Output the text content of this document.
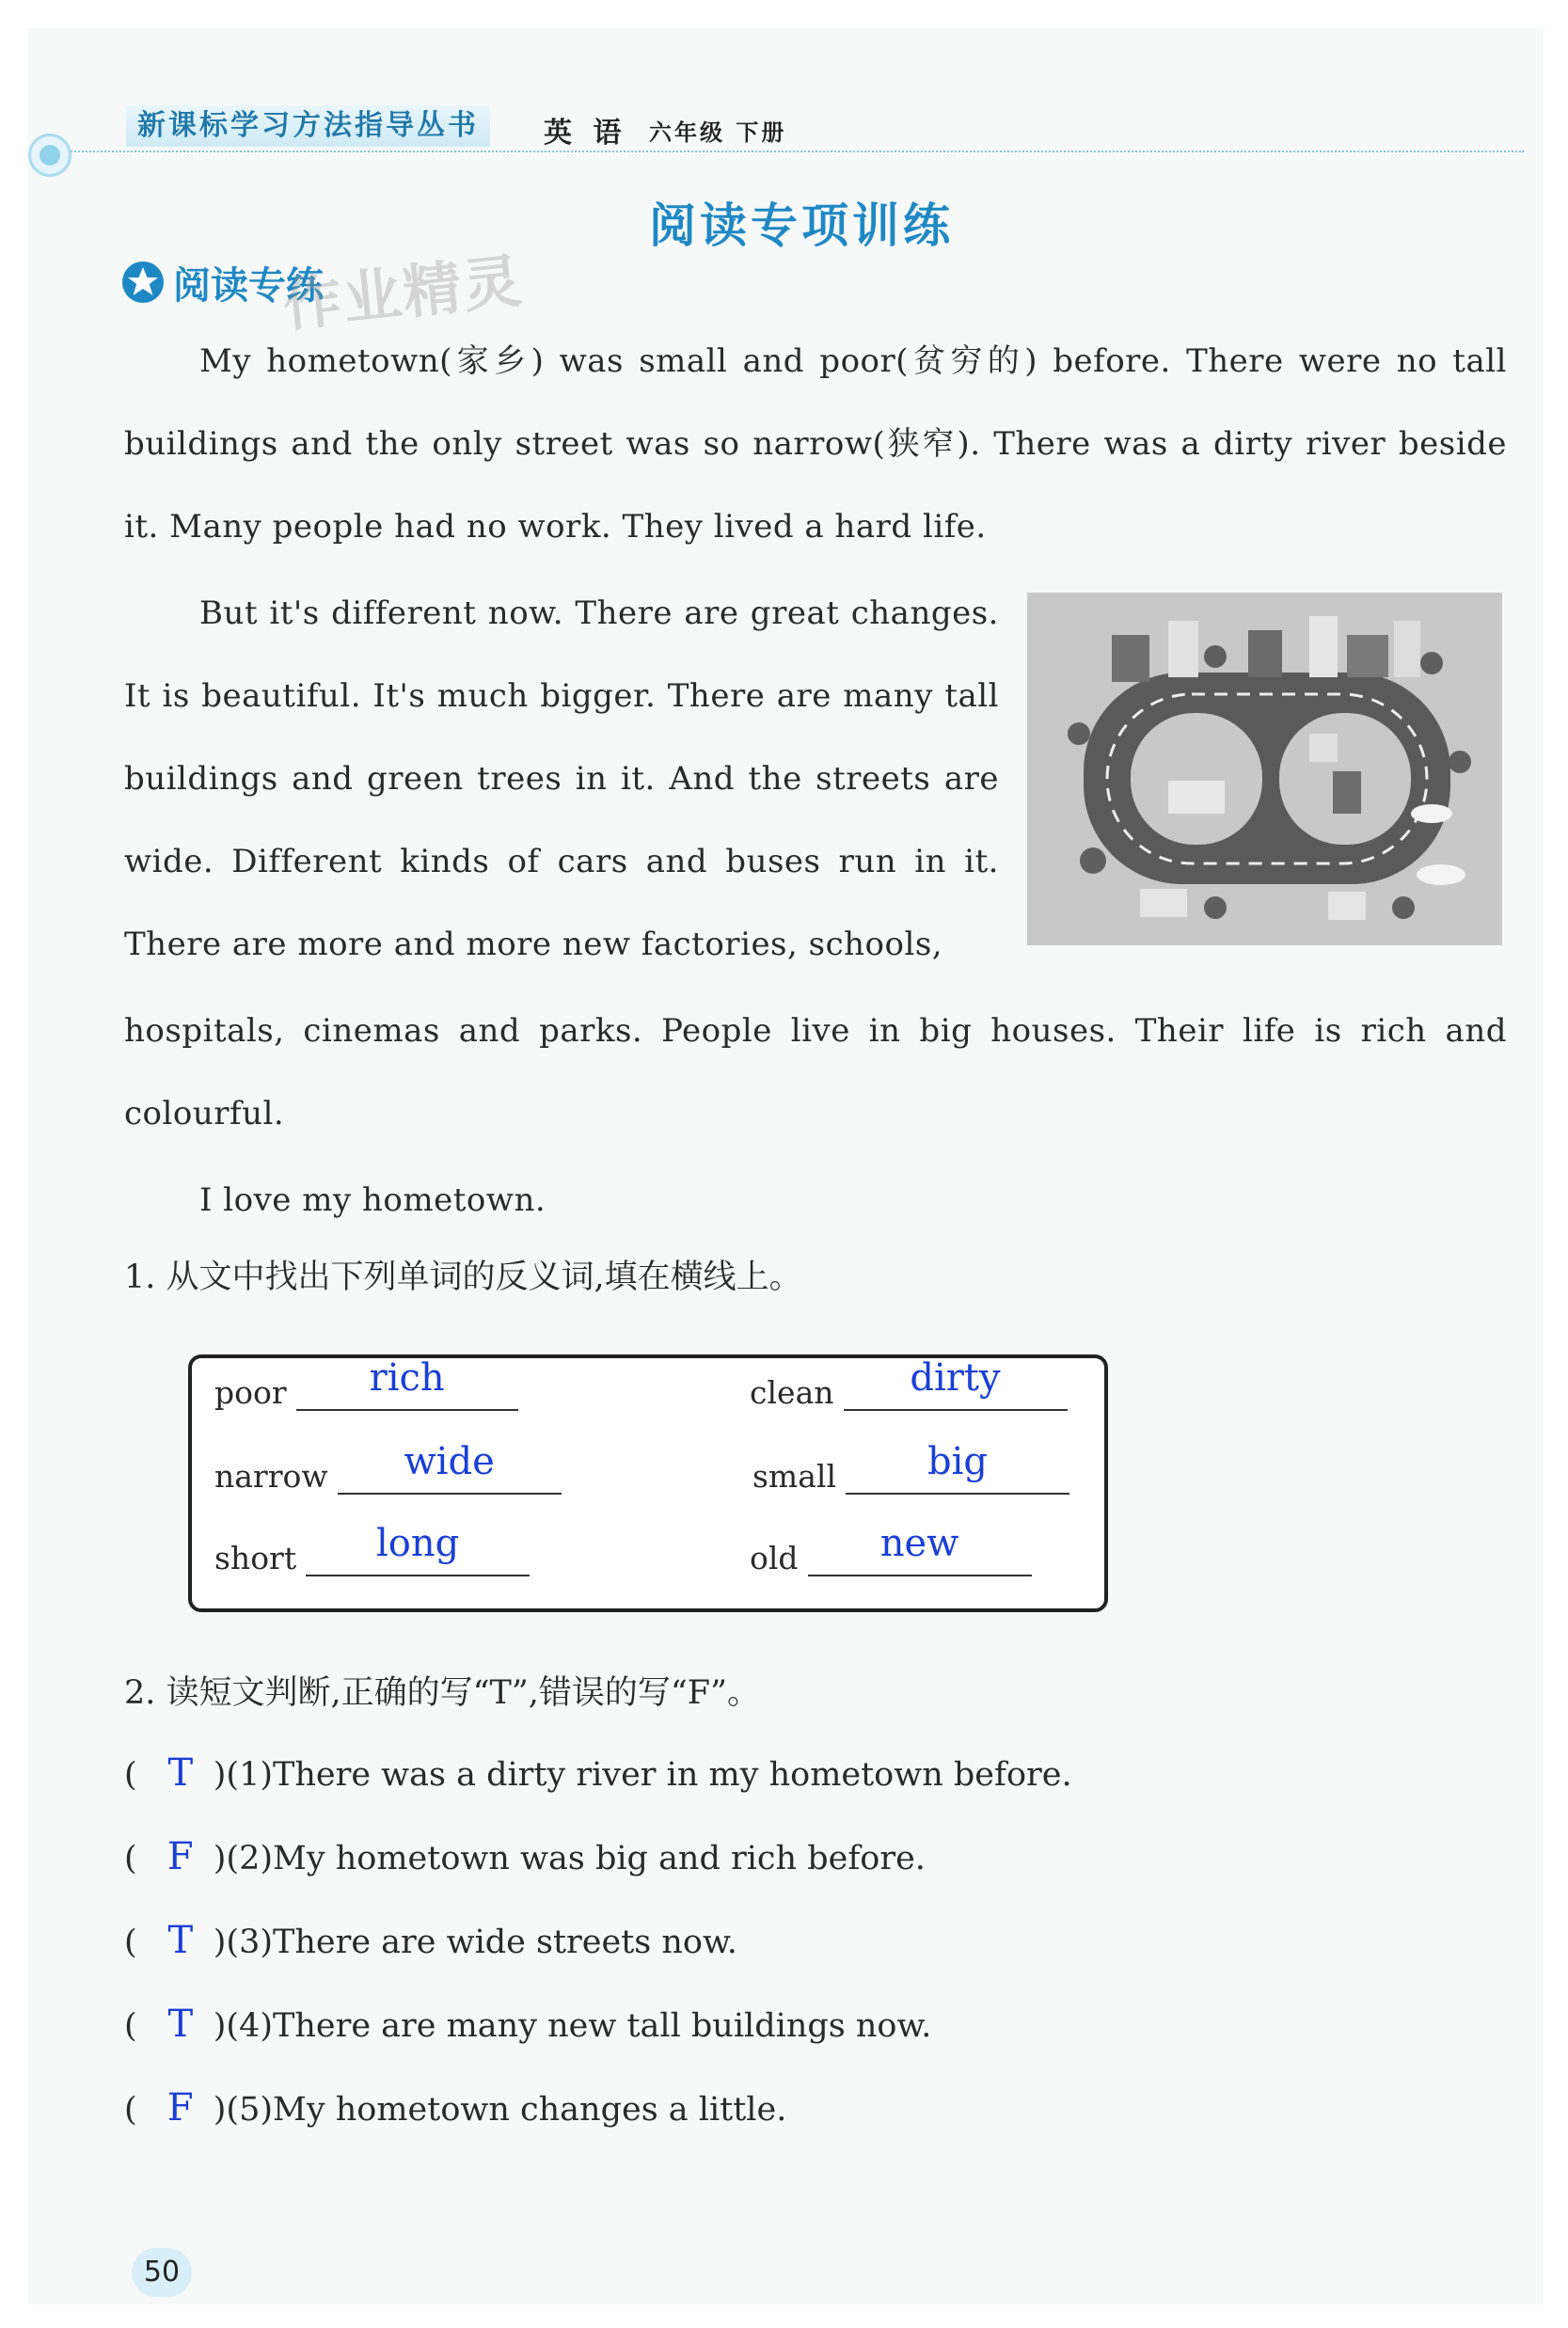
新课标学习方法指导丛书	英 语 六年级 下册
阅读专项训练
阅读专练
作业精灵

My hometown(家乡) was small and poor(贫穷的) before. There were no tall buildings and the only street was so narrow(狭窄). There was a dirty river beside it. Many people had no work. They lived a hard life.

But it's different now. There are great changes. It is beautiful. It's much bigger. There are many tall buildings and green trees in it. And the streets are wide. Different kinds of cars and buses run in it. There are more and more new factories, schools,

hospitals, cinemas and parks. People live in big houses. Their life is rich and colourful.

I love my hometown.

1. 从文中找出下列单词的反义词,填在横线上。

poor	rich	clean	dirty
narrow	wide	small	big
short	long	old	new

2. 读短文判断,正确的写“T”,错误的写“F”。

( T )(1)There was a dirty river in my hometown before.

( F )(2)My hometown was big and rich before.

( T )(3)There are wide streets now.

( T )(4)There are many new tall buildings now.

( F )(5)My hometown changes a little.

50
